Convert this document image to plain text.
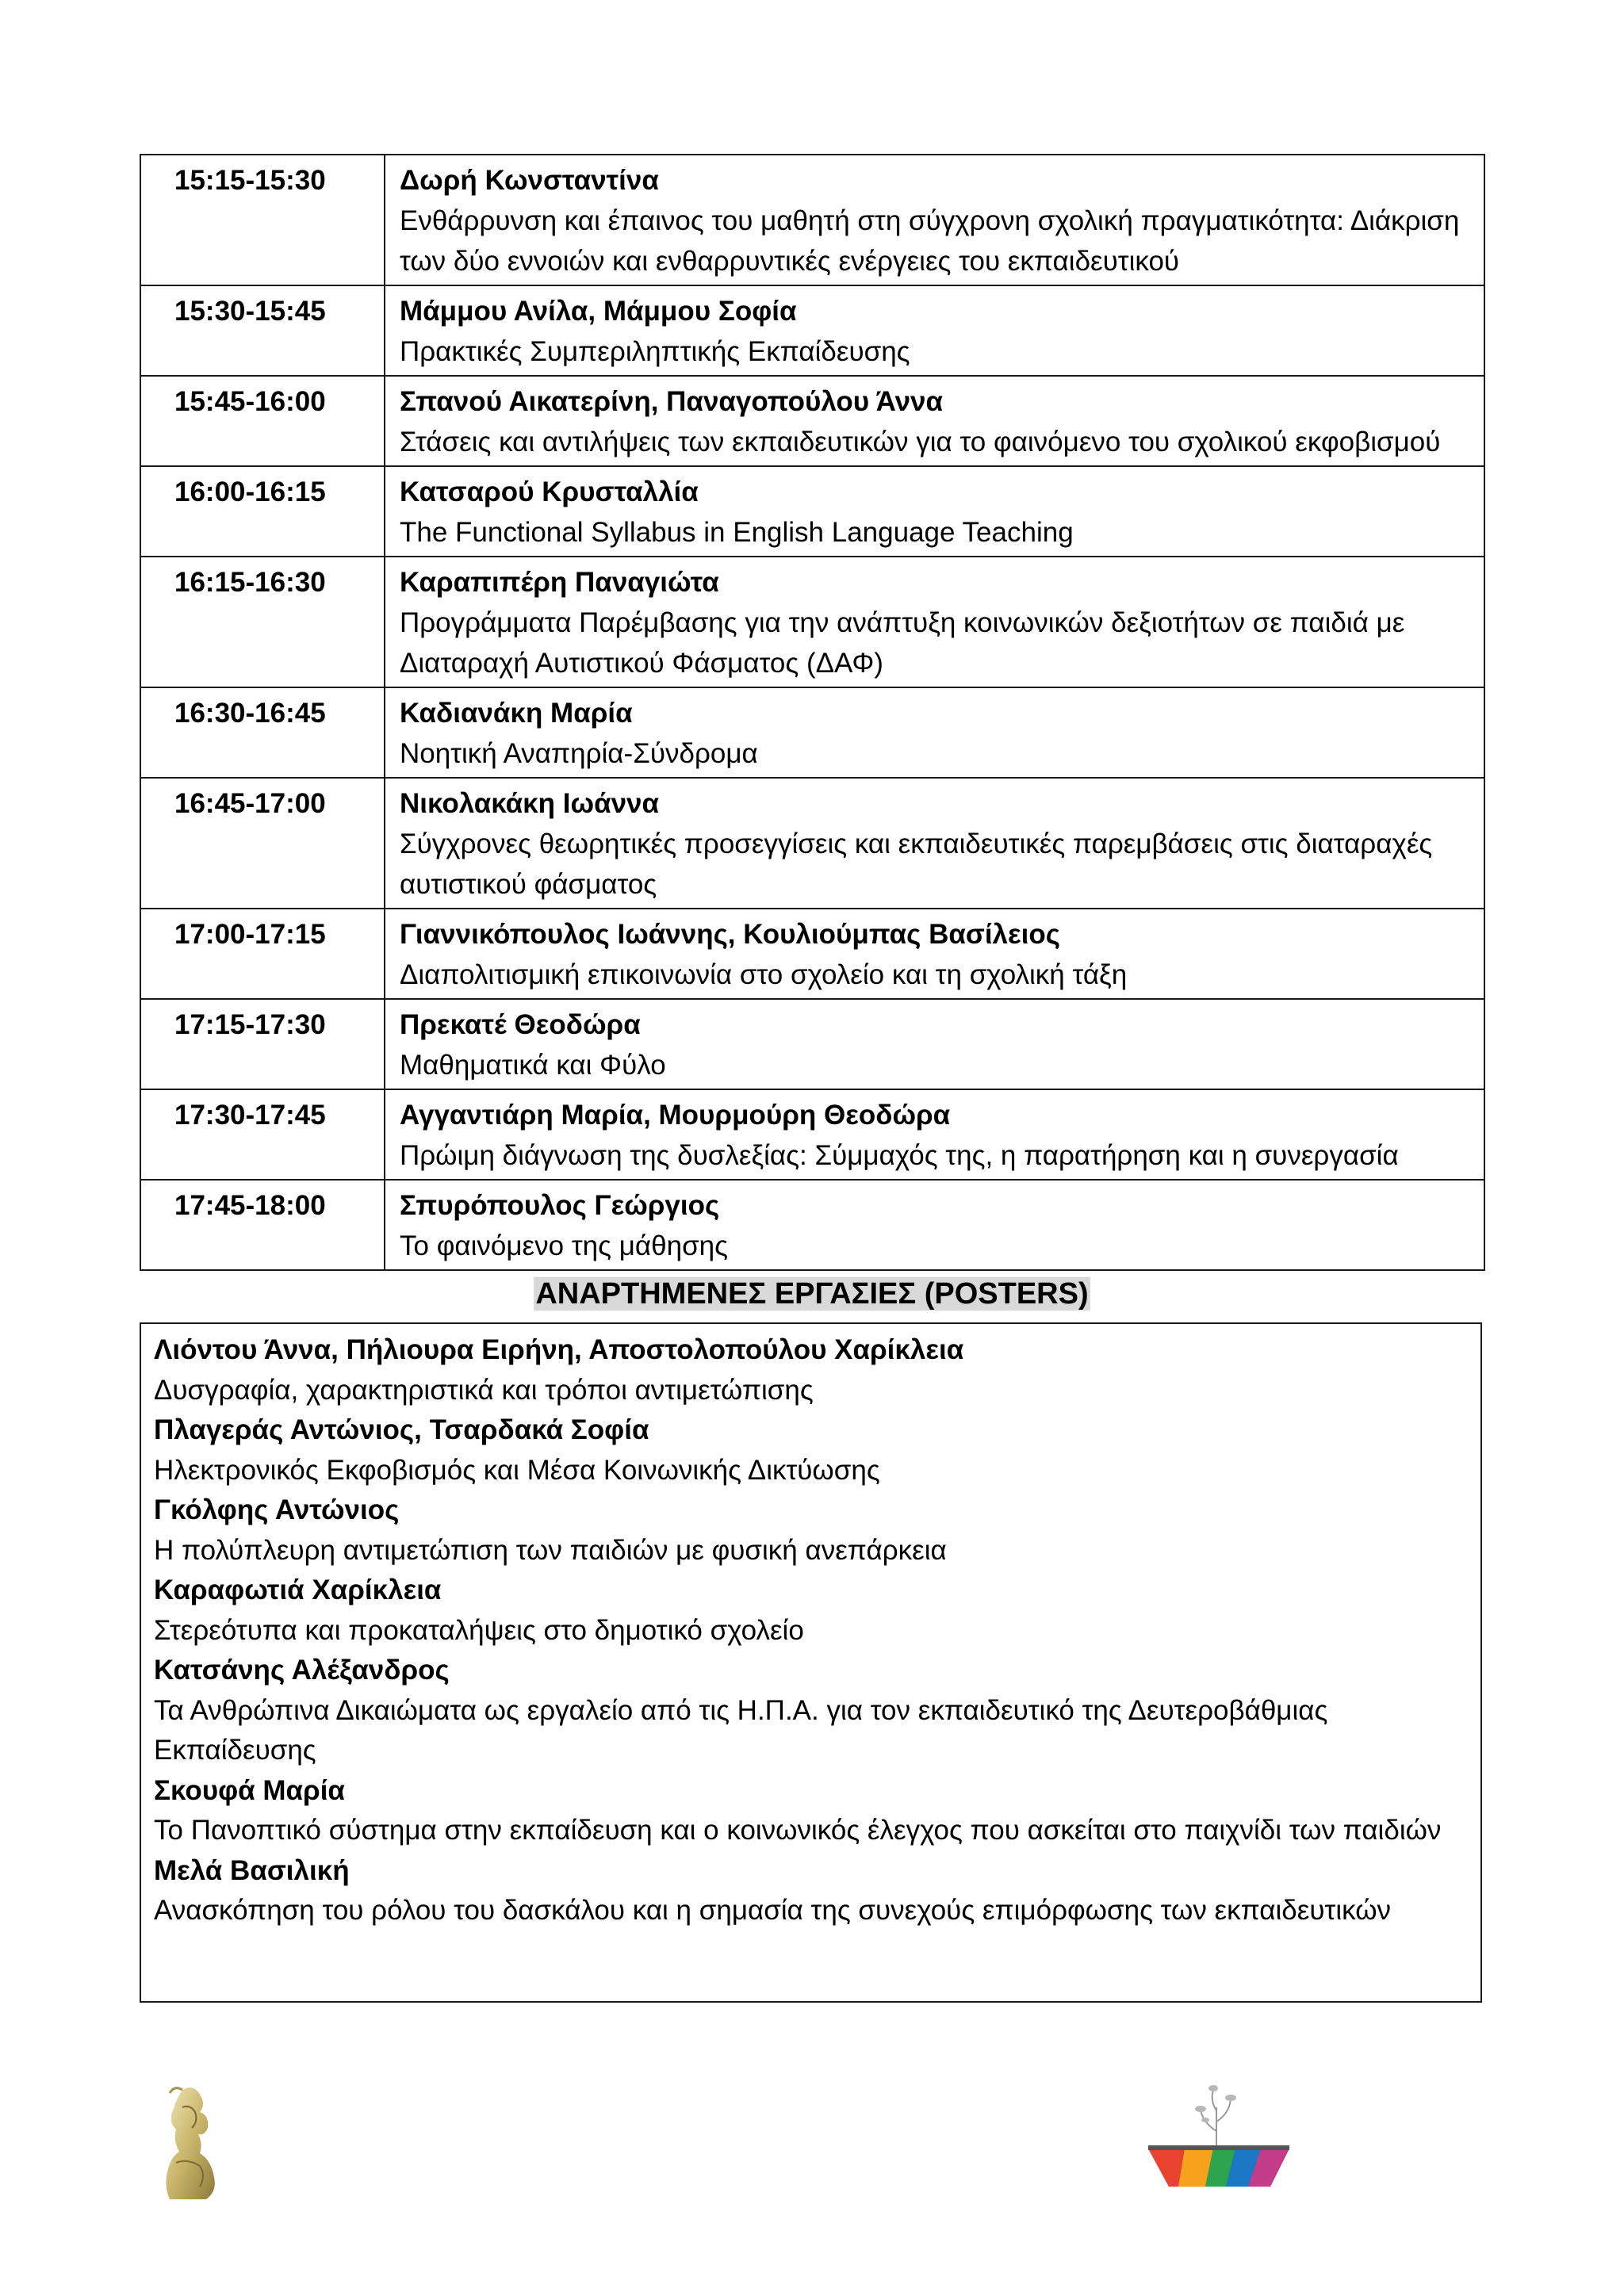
15:15-15:30	Δωρή Κωνσταντίνα
Ενθάρρυνση και έπαινος του μαθητή στη σύγχρονη σχολική πραγματικότητα: Διάκριση των δύο εννοιών και ενθαρρυντικές ενέργειες του εκπαιδευτικού

15:30-15:45	Μάμμου Ανίλα, Μάμμου Σοφία
Πρακτικές Συμπεριληπτικής Εκπαίδευσης

15:45-16:00	Σπανού Αικατερίνη, Παναγοπούλου Άννα
Στάσεις και αντιλήψεις των εκπαιδευτικών για το φαινόμενο του σχολικού εκφοβισμού

16:00-16:15	Κατσαρού Κρυσταλλία
The Functional Syllabus in English Language Teaching

16:15-16:30	Καραπιπέρη Παναγιώτα
Προγράμματα Παρέμβασης για την ανάπτυξη κοινωνικών δεξιοτήτων σε παιδιά με Διαταραχή Αυτιστικού Φάσματος (ΔΑΦ)

16:30-16:45	Καδιανάκη Μαρία
Νοητική Αναπηρία-Σύνδρομα

16:45-17:00	Νικολακάκη Ιωάννα
Σύγχρονες θεωρητικές προσεγγίσεις και εκπαιδευτικές παρεμβάσεις στις διαταραχές αυτιστικού φάσματος

17:00-17:15	Γιαννικόπουλος Ιωάννης, Κουλιούμπας Βασίλειος
Διαπολιτισμική επικοινωνία στο σχολείο και τη σχολική τάξη

17:15-17:30	Πρεκατέ Θεοδώρα
Μαθηματικά και Φύλο

17:30-17:45	Αγγαντιάρη Μαρία, Μουρμούρη Θεοδώρα
Πρώιμη διάγνωση της δυσλεξίας: Σύμμαχός της, η παρατήρηση και η συνεργασία

17:45-18:00	Σπυρόπουλος Γεώργιος
Το φαινόμενο της μάθησης
ΑΝΑΡΤΗΜΕΝΕΣ ΕΡΓΑΣΙΕΣ (POSTERS)
Λιόντου Άννα, Πήλιουρα Ειρήνη, Αποστολοπούλου Χαρίκλεια
Δυσγραφία, χαρακτηριστικά και τρόποι αντιμετώπισης
Πλαγεράς Αντώνιος, Τσαρδακά Σοφία
Ηλεκτρονικός Εκφοβισμός και Μέσα Κοινωνικής Δικτύωσης
Γκόλφης Αντώνιος
Η πολύπλευρη αντιμετώπιση των παιδιών με φυσική ανεπάρκεια
Καραφωτιά Χαρίκλεια
Στερεότυπα και προκαταλήψεις στο δημοτικό σχολείο
Κατσάνης Αλέξανδρος
Τα Ανθρώπινα Δικαιώματα ως εργαλείο από τις Η.Π.Α. για τον εκπαιδευτικό της Δευτεροβάθμιας Εκπαίδευσης
Σκουφά Μαρία
Το Πανοπτικό σύστημα στην εκπαίδευση και ο κοινωνικός έλεγχος που ασκείται στο παιχνίδι των παιδιών
Μελά Βασιλική
Ανασκόπηση του ρόλου του δασκάλου και η σημασία της συνεχούς επιμόρφωσης των εκπαιδευτικών
